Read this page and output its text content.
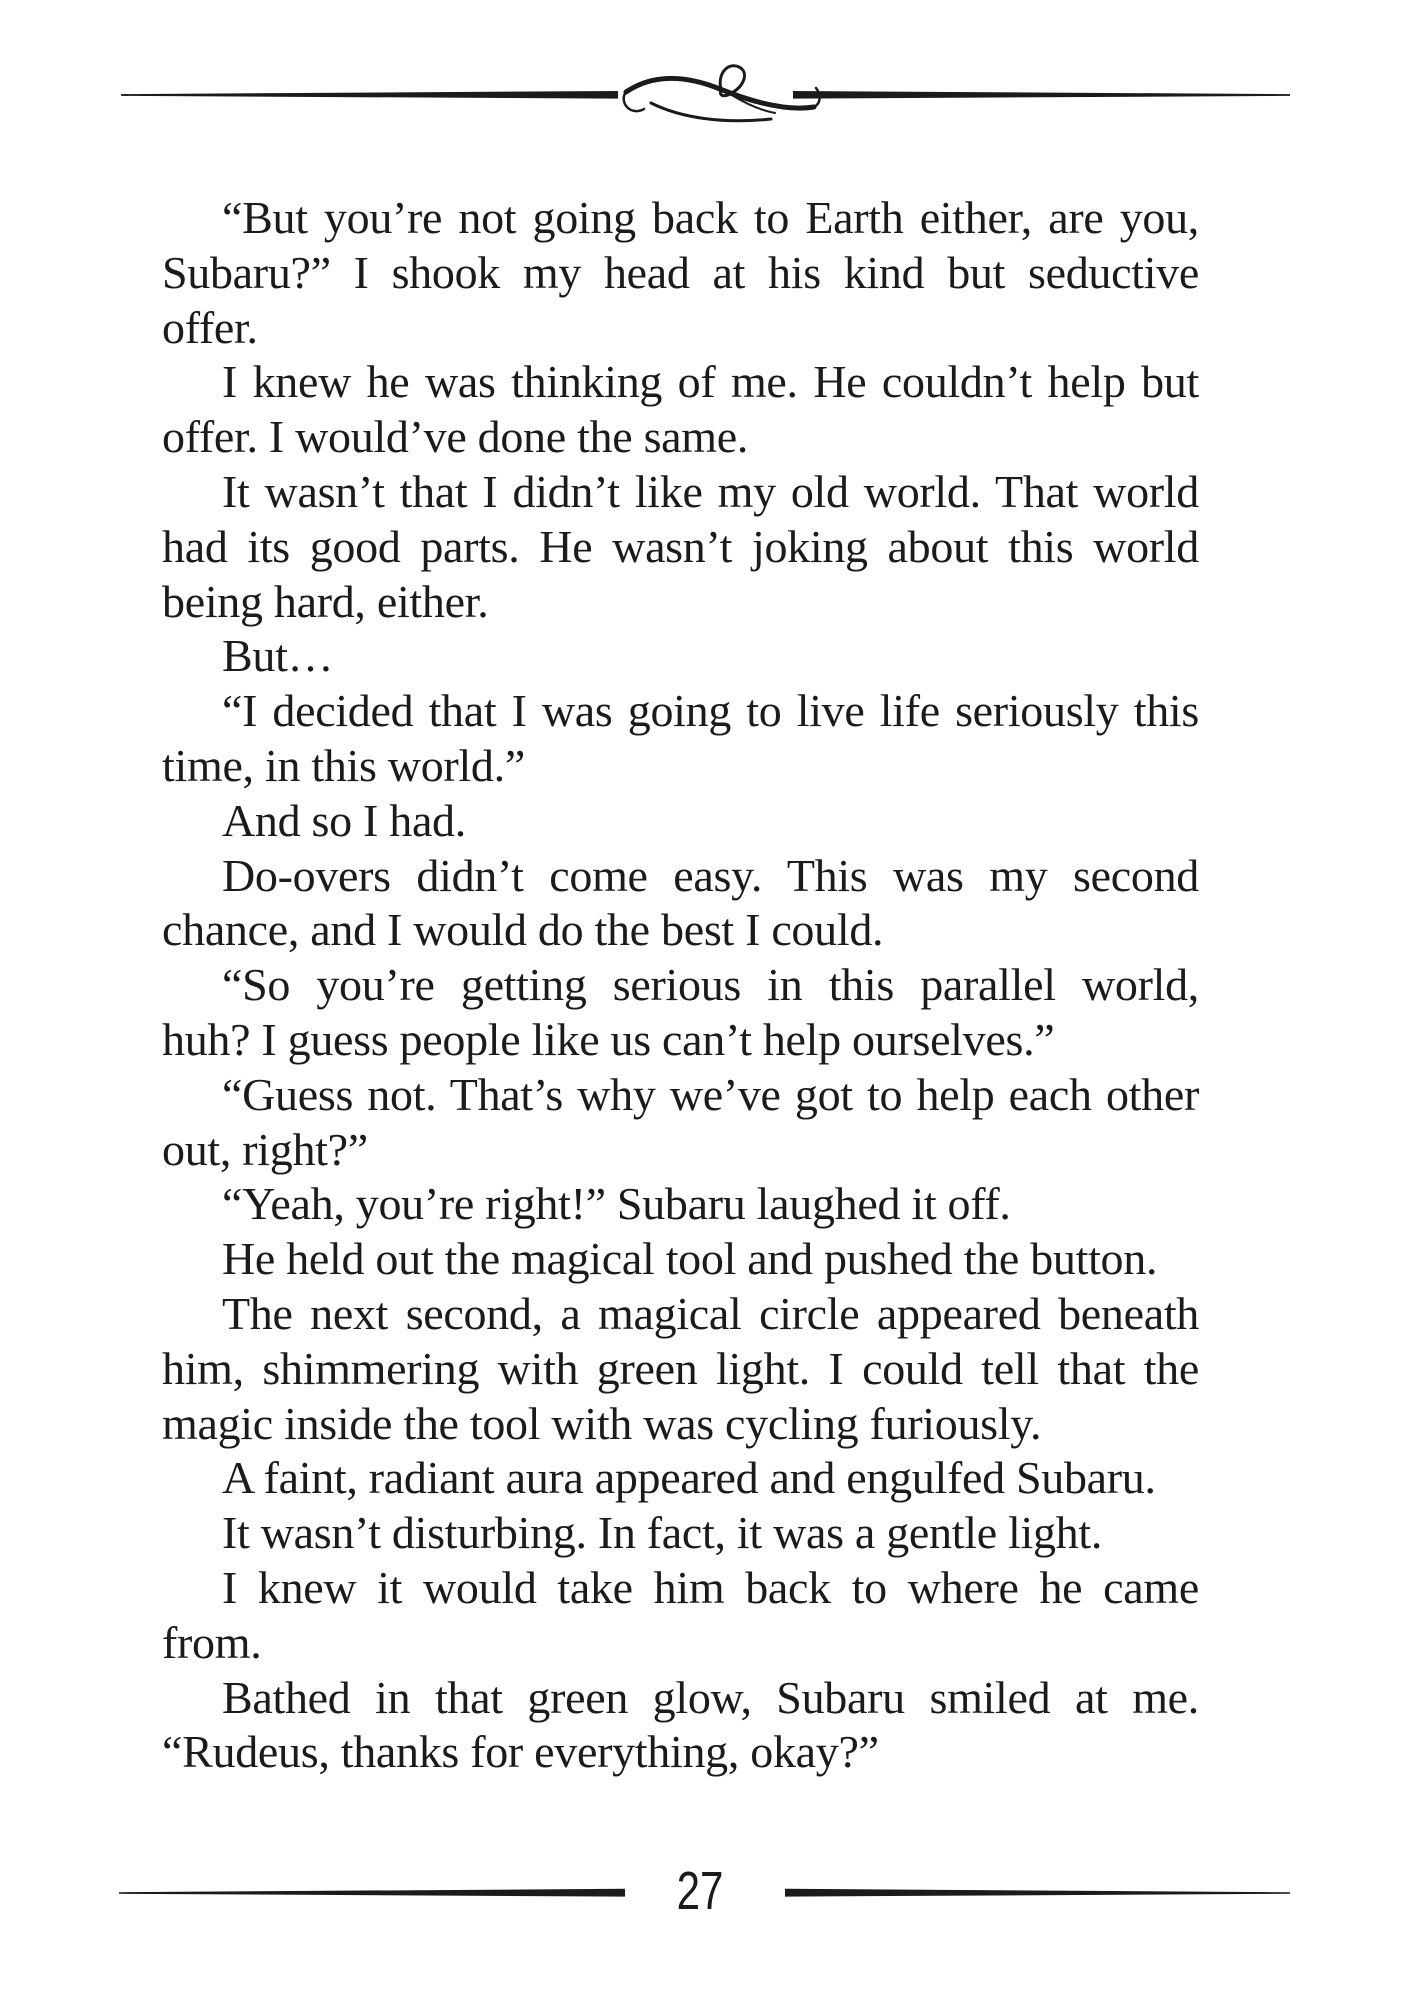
“But you’re not going back to Earth either, are you,
Subaru?” I shook my head at his kind but seductive
offer.
I knew he was thinking of me. He couldn’t help but
offer. I would’ve done the same.
It wasn’t that I didn’t like my old world. That world
had its good parts. He wasn’t joking about this world
being hard, either.
But…
“I decided that I was going to live life seriously this
time, in this world.”
And so I had.
Do-overs didn’t come easy. This was my second
chance, and I would do the best I could.
“So you’re getting serious in this parallel world,
huh? I guess people like us can’t help ourselves.”
“Guess not. That’s why we’ve got to help each other
out, right?”
“Yeah, you’re right!” Subaru laughed it off.
He held out the magical tool and pushed the button.
The next second, a magical circle appeared beneath
him, shimmering with green light. I could tell that the
magic inside the tool with was cycling furiously.
A faint, radiant aura appeared and engulfed Subaru.
It wasn’t disturbing. In fact, it was a gentle light.
I knew it would take him back to where he came
from.
Bathed in that green glow, Subaru smiled at me.
“Rudeus, thanks for everything, okay?”
27
